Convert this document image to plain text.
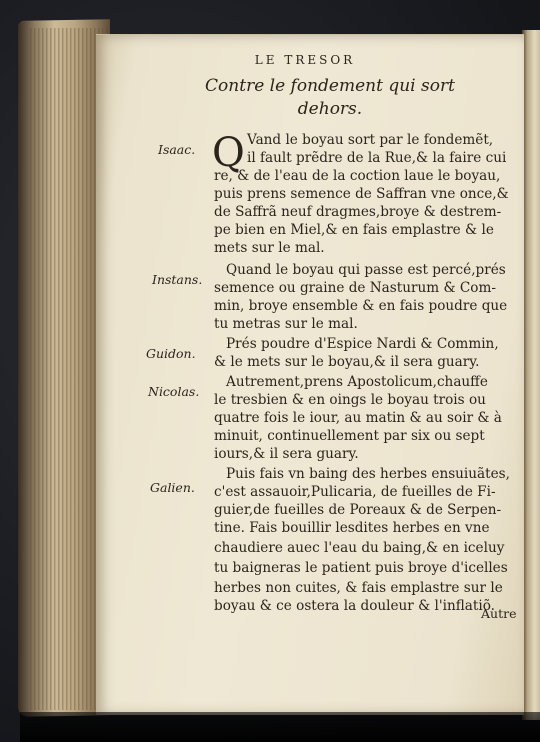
LE TRESOR
Contre le fondement qui sort
dehors.
Q Vand le boyau sort par le fondemẽt,
il fault prẽdre de la Rue,& la faire cui
re, & de l'eau de la coction laue le boyau,
puis prens semence de Saffran vne once,&
de Saffrã neuf dragmes,broye & destrem-
pe bien en Miel,& en fais emplastre & le
mets sur le mal.
Quand le boyau qui passe est percé,prés
semence ou graine de Nasturum & Com-
min, broye ensemble & en fais poudre que
tu metras sur le mal.
Prés poudre d'Espice Nardi & Commin,
& le mets sur le boyau,& il sera guary.
Autrement,prens Apostolicum,chauffe
le tresbien & en oings le boyau trois ou
quatre fois le iour, au matin & au soir & à
minuit, continuellement par six ou sept
iours,& il sera guary.
Puis fais vn baing des herbes ensuiuãtes,
c'est assauoir,Pulicaria, de fueilles de Fi-
guier,de fueilles de Poreaux & de Serpen-
tine. Fais bouillir lesdites herbes en vne
chaudiere auec l'eau du baing,& en iceluy
tu baigneras le patient puis broye d'icelles
herbes non cuites, & fais emplastre sur le
boyau & ce ostera la douleur & l'inflatiõ.
Isaac.
Instans.
Guidon.
Nicolas.
Galien.
Autre
